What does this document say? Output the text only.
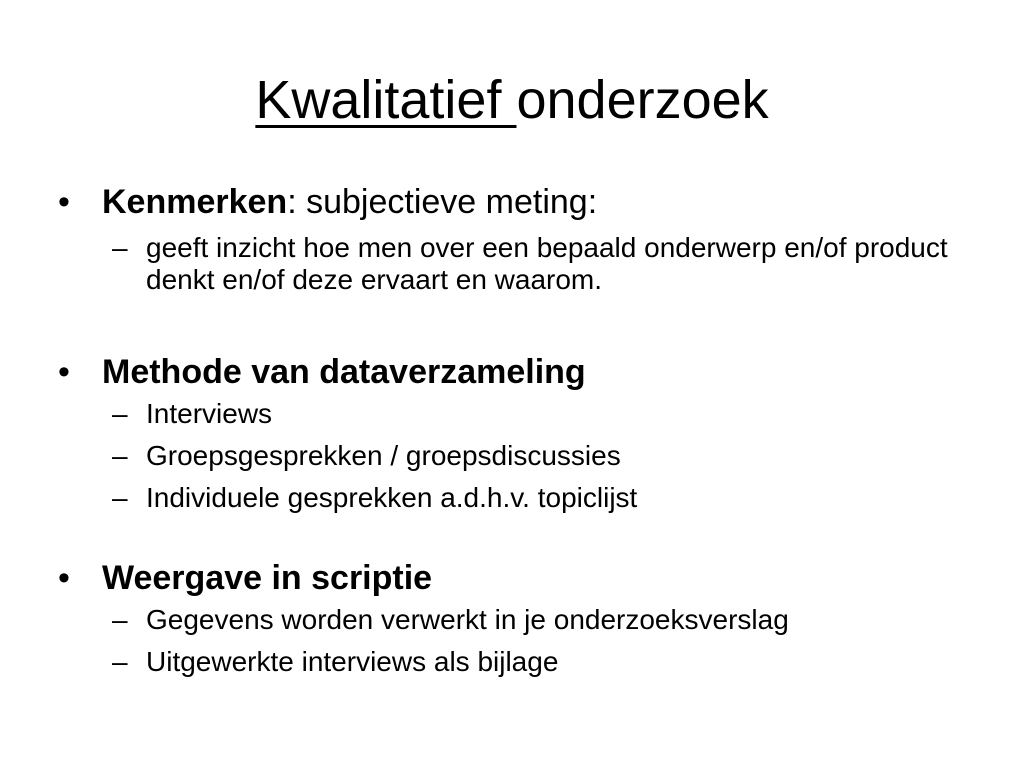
Kwalitatief onderzoek
• Kenmerken: subjectieve meting:
– geeft inzicht hoe men over een bepaald onderwerp en/of product denkt en/of deze ervaart en waarom.
• Methode van dataverzameling
– Interviews
– Groepsgesprekken / groepsdiscussies
– Individuele gesprekken a.d.h.v. topiclijst
• Weergave in scriptie
– Gegevens worden verwerkt in je onderzoeksverslag
– Uitgewerkte interviews als bijlage
